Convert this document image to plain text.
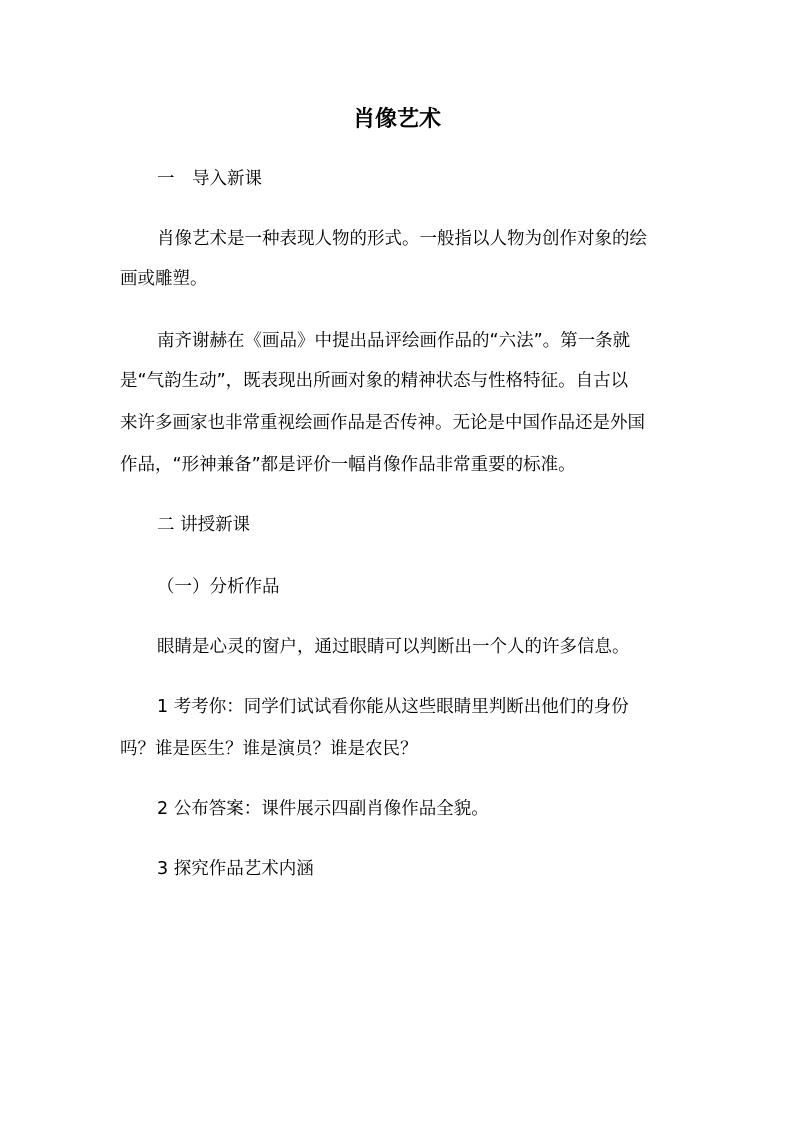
肖像艺术
一　导入新课
肖像艺术是一种表现人物的形式。一般指以人物为创作对象的绘
画或雕塑。
南齐谢赫在《画品》中提出品评绘画作品的“六法”。第一条就
是“气韵生动”，既表现出所画对象的精神状态与性格特征。自古以
来许多画家也非常重视绘画作品是否传神。无论是中国作品还是外国
作品，“形神兼备”都是评价一幅肖像作品非常重要的标准。
二 讲授新课
（一）分析作品
眼睛是心灵的窗户，通过眼睛可以判断出一个人的许多信息。
1 考考你：同学们试试看你能从这些眼睛里判断出他们的身份
吗？谁是医生？谁是演员？谁是农民？
2 公布答案：课件展示四副肖像作品全貌。
3 探究作品艺术内涵
